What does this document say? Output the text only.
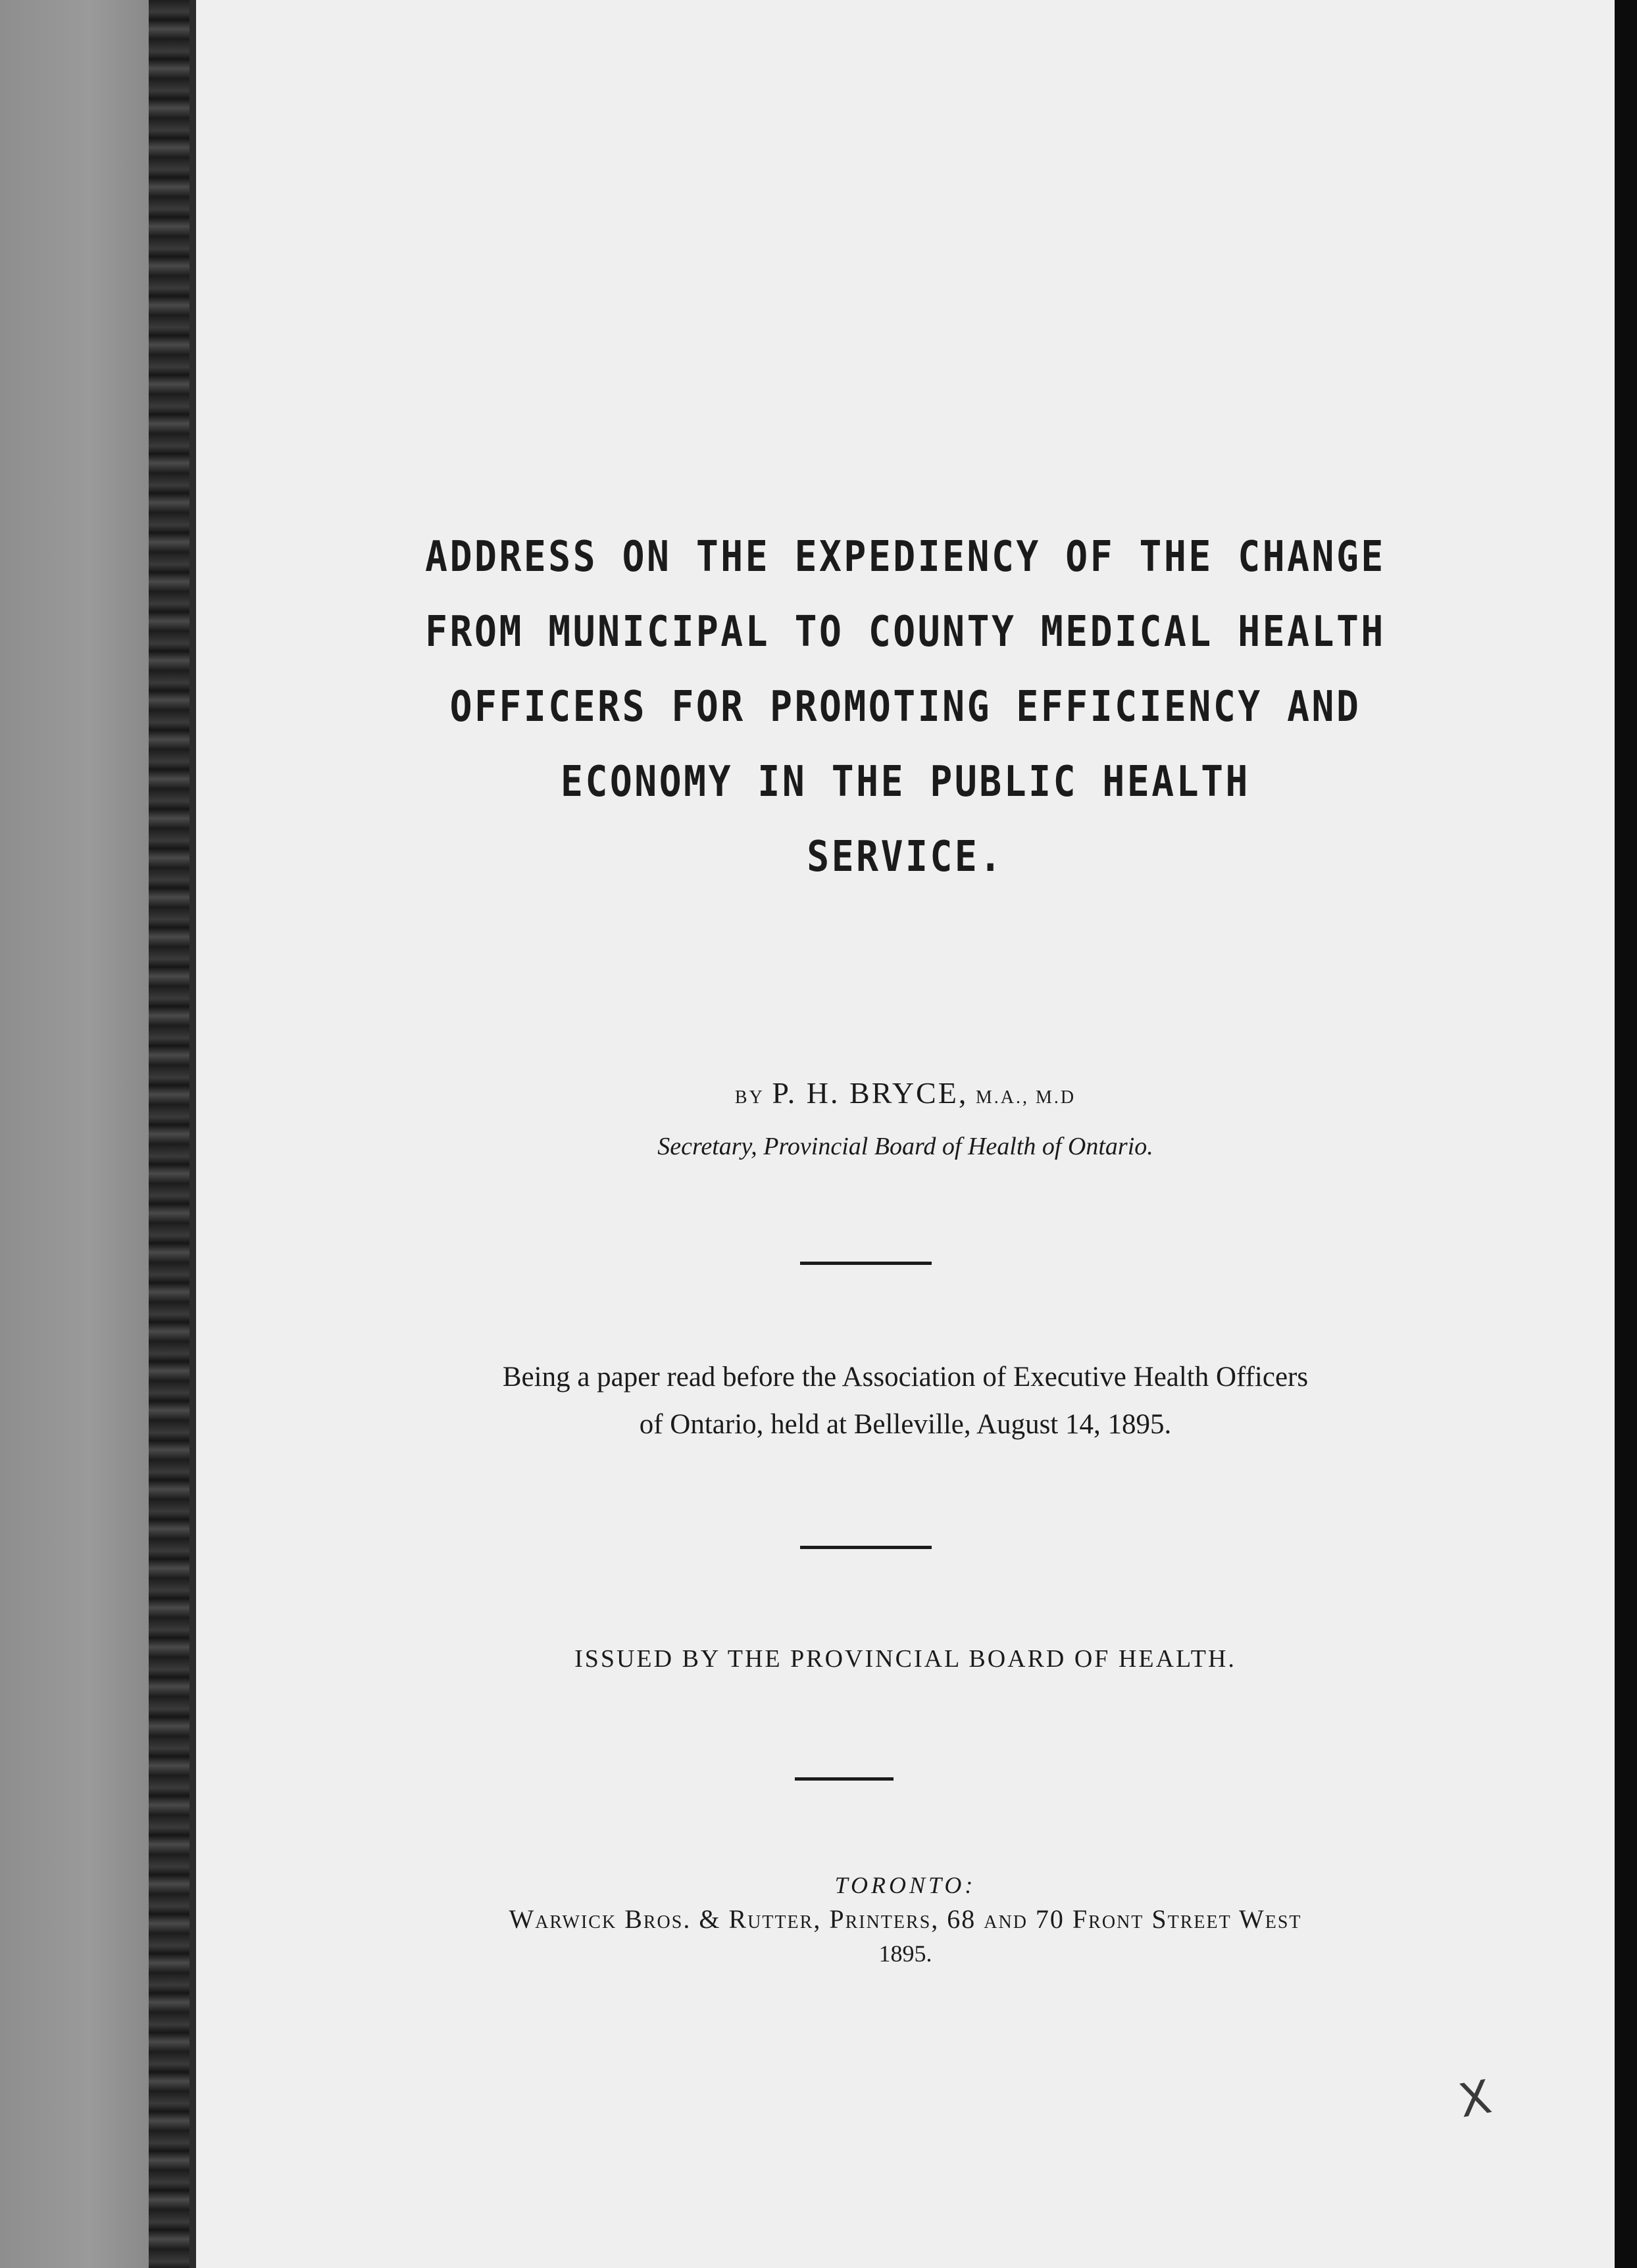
ADDRESS ON THE EXPEDIENCY OF THE CHANGE
FROM MUNICIPAL TO COUNTY MEDICAL HEALTH
OFFICERS FOR PROMOTING EFFICIENCY AND
ECONOMY IN THE PUBLIC HEALTH
SERVICE.
BY P. H. BRYCE, M.A., M.D
Secretary, Provincial Board of Health of Ontario.
Being a paper read before the Association of Executive Health Officers
of Ontario, held at Belleville, August 14, 1895.
ISSUED BY THE PROVINCIAL BOARD OF HEALTH.
TORONTO:
Warwick Bros. & Rutter, Printers, 68 and 70 Front Street West
1895.
X
